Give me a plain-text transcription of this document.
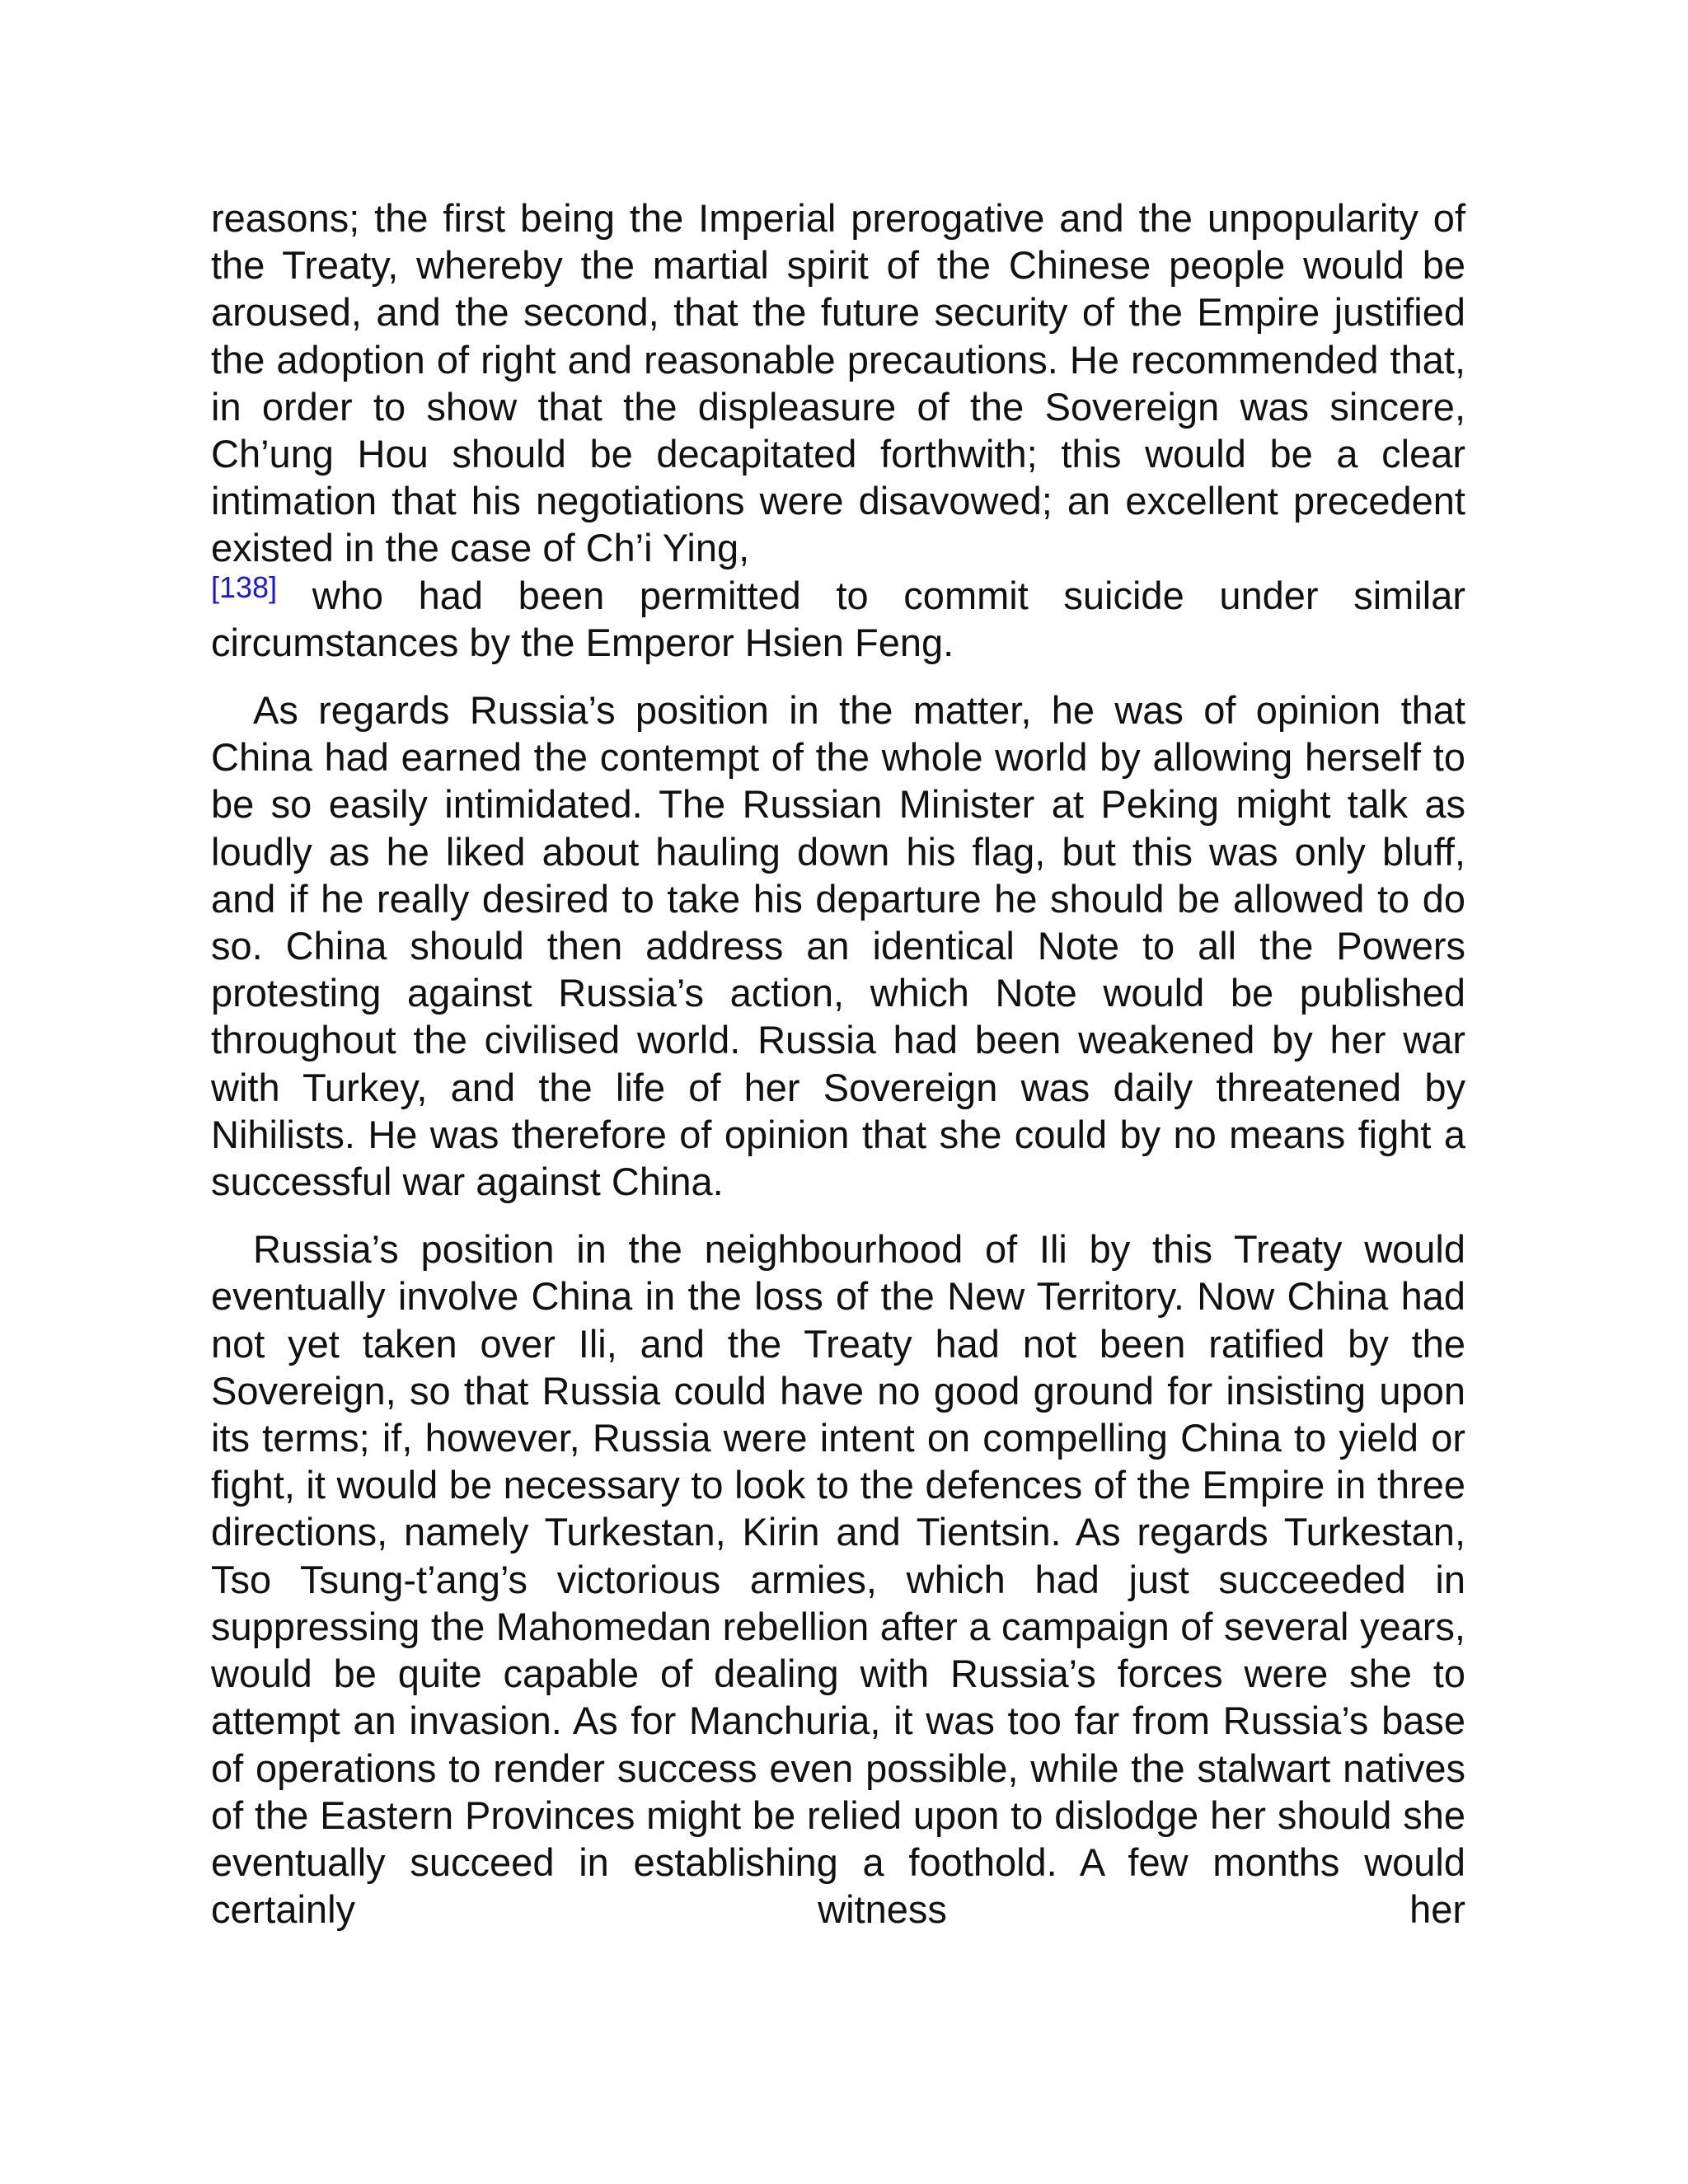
reasons; the first being the Imperial prerogative and the unpopularity of the Treaty, whereby the martial spirit of the Chinese people would be aroused, and the second, that the future security of the Empire justified the adoption of right and reasonable precautions. He recommended that, in order to show that the displeasure of the Sovereign was sincere, Ch’ung Hou should be decapitated forthwith; this would be a clear intimation that his negotiations were disavowed; an excellent precedent existed in the case of Ch’i Ying,
[138] who had been permitted to commit suicide under similar circumstances by the Emperor Hsien Feng.

As regards Russia’s position in the matter, he was of opinion that China had earned the contempt of the whole world by allowing herself to be so easily intimidated. The Russian Minister at Peking might talk as loudly as he liked about hauling down his flag, but this was only bluff, and if he really desired to take his departure he should be allowed to do so. China should then address an identical Note to all the Powers protesting against Russia’s action, which Note would be published throughout the civilised world. Russia had been weakened by her war with Turkey, and the life of her Sovereign was daily threatened by Nihilists. He was therefore of opinion that she could by no means fight a successful war against China.

Russia’s position in the neighbourhood of Ili by this Treaty would eventually involve China in the loss of the New Territory. Now China had not yet taken over Ili, and the Treaty had not been ratified by the Sovereign, so that Russia could have no good ground for insisting upon its terms; if, however, Russia were intent on compelling China to yield or fight, it would be necessary to look to the defences of the Empire in three directions, namely Turkestan, Kirin and Tientsin. As regards Turkestan, Tso Tsung-t’ang’s victorious armies, which had just succeeded in suppressing the Mahomedan rebellion after a campaign of several years, would be quite capable of dealing with Russia’s forces were she to attempt an invasion. As for Manchuria, it was too far from Russia’s base of operations to render success even possible, while the stalwart natives of the Eastern Provinces might be relied upon to dislodge her should she eventually succeed in establishing a foothold. A few months would certainly witness her
